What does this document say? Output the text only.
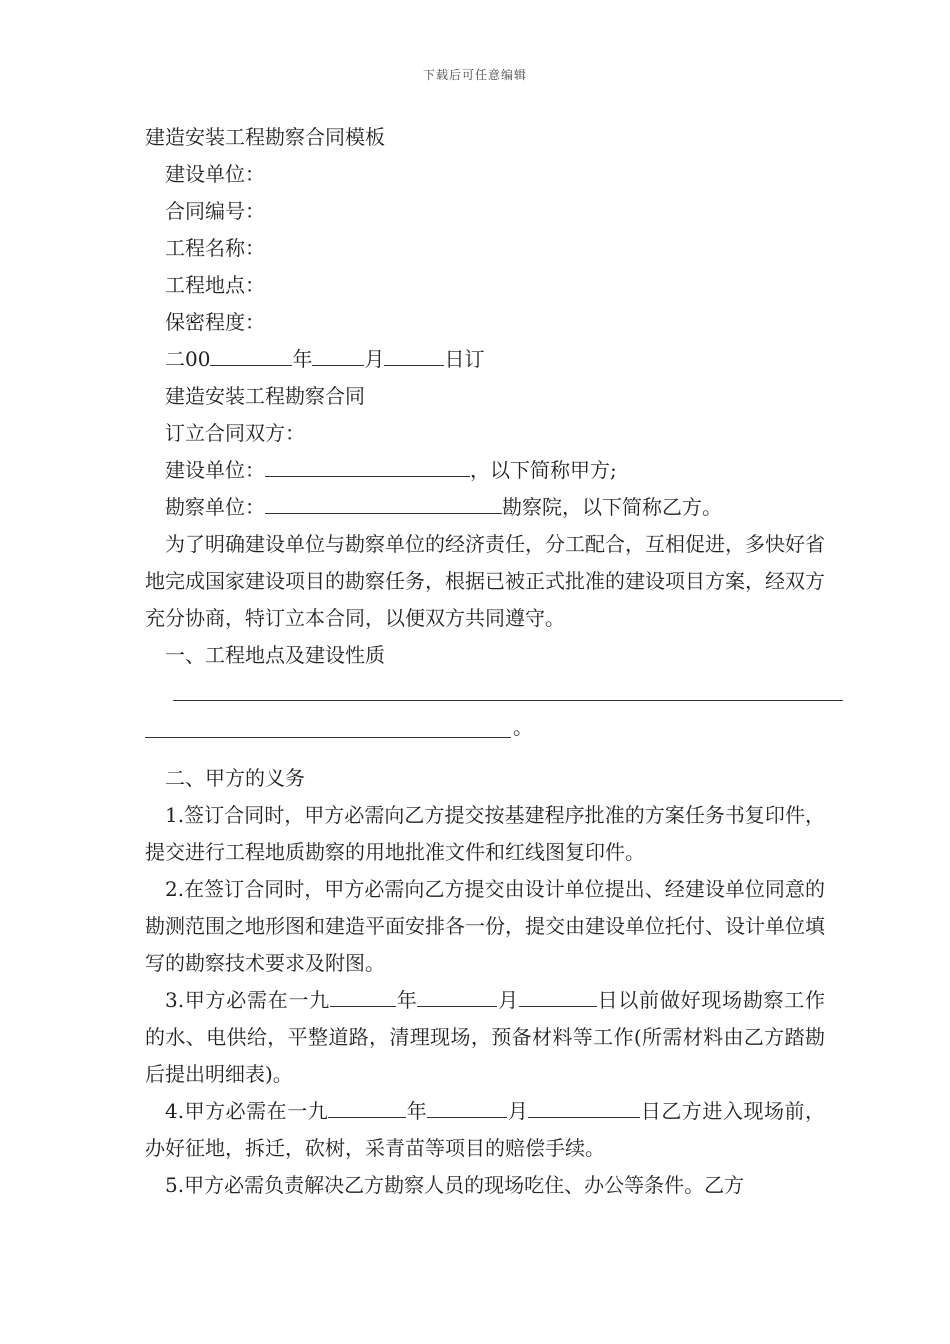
下载后可任意编辑
建造安装工程勘察合同模板
建设单位：
合同编号：
工程名称：
工程地点：
保密程度：
二00	年	月	日订
建造安装工程勘察合同
订立合同双方：
建设单位：	，以下简称甲方;
勘察单位：	勘察院，以下简称乙方。

为了明确建设单位与勘察单位的经济责任，分工配合，互相促进，多快好省地完成国家建设项目的勘察任务，根据已被正式批准的建设项目方案，经双方充分协商，特订立本合同，以便双方共同遵守。

一、工程地点及建设性质
。
二、甲方的义务

1.签订合同时，甲方必需向乙方提交按基建程序批准的方案任务书复印件，提交进行工程地质勘察的用地批准文件和红线图复印件。

2.在签订合同时，甲方必需向乙方提交由设计单位提出、经建设单位同意的勘测范围之地形图和建造平面安排各一份，提交由建设单位托付、设计单位填写的勘察技术要求及附图。

3.甲方必需在一九	年	月	日以前做好现场勘察工作的水、电供给，平整道路，清理现场，预备材料等工作(所需材料由乙方踏勘后提出明细表)。

4.甲方必需在一九	年	月	日乙方进入现场前，办好征地，拆迁，砍树，采青苗等项目的赔偿手续。

5.甲方必需负责解决乙方勘察人员的现场吃住、办公等条件。乙方
